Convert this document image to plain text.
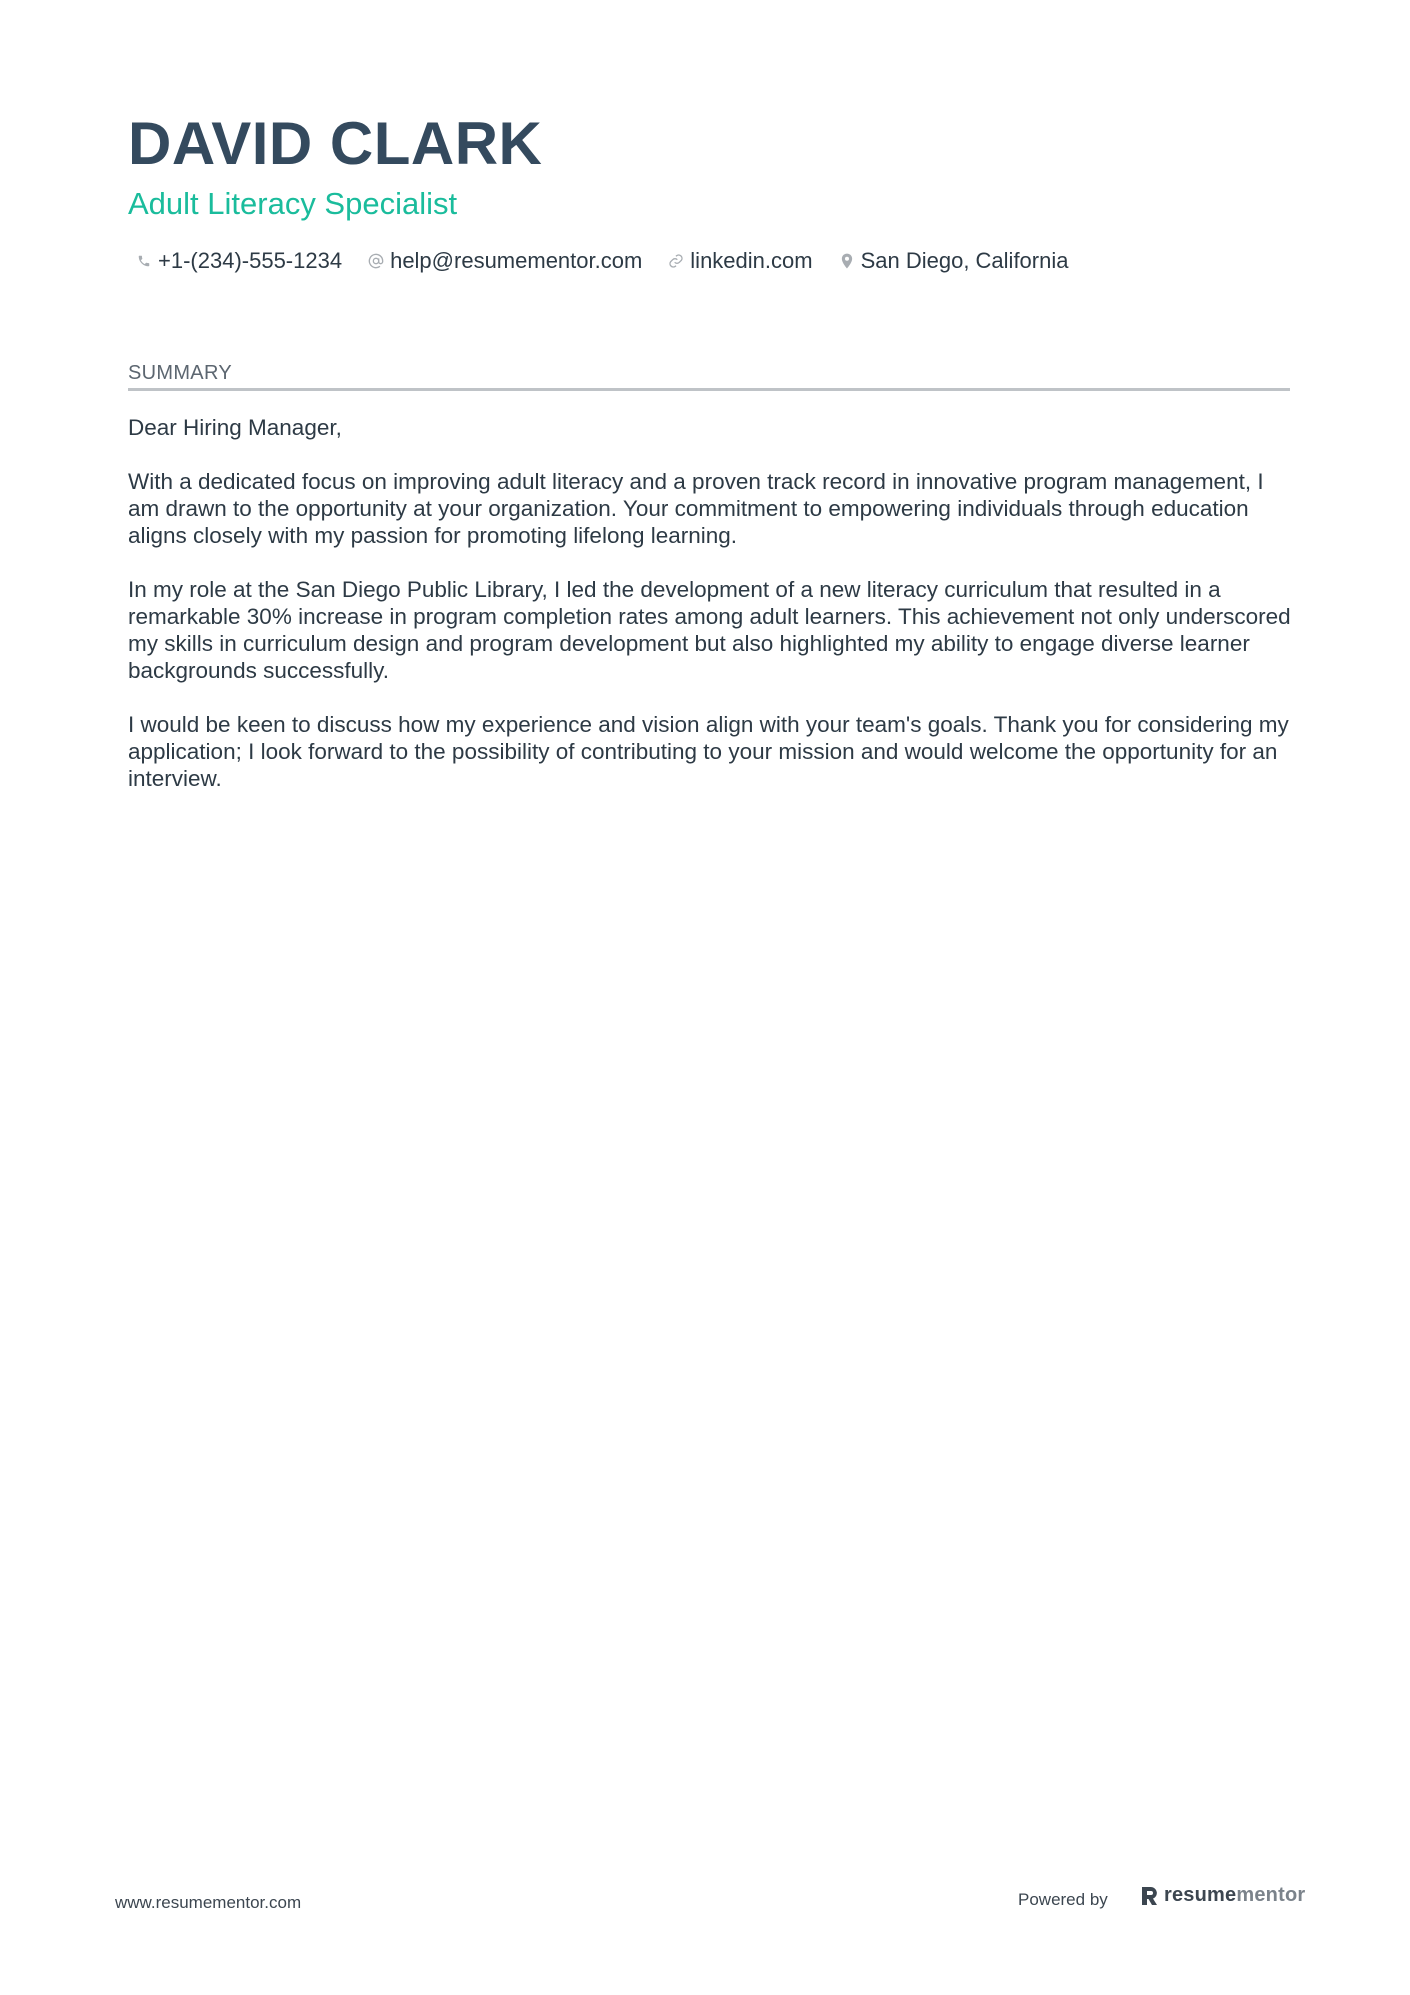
DAVID CLARK
Adult Literacy Specialist
+1-(234)-555-1234 help@resumementor.com linkedin.com San Diego, California
SUMMARY

Dear Hiring Manager,

With a dedicated focus on improving adult literacy and a proven track record in innovative program management, I am drawn to the opportunity at your organization. Your commitment to empowering individuals through education aligns closely with my passion for promoting lifelong learning.

In my role at the San Diego Public Library, I led the development of a new literacy curriculum that resulted in a remarkable 30% increase in program completion rates among adult learners. This achievement not only underscored my skills in curriculum design and program development but also highlighted my ability to engage diverse learner backgrounds successfully.

I would be keen to discuss how my experience and vision align with your team's goals. Thank you for considering my application; I look forward to the possibility of contributing to your mission and would welcome the opportunity for an interview.

www.resumementor.com	Powered by	resumementor
